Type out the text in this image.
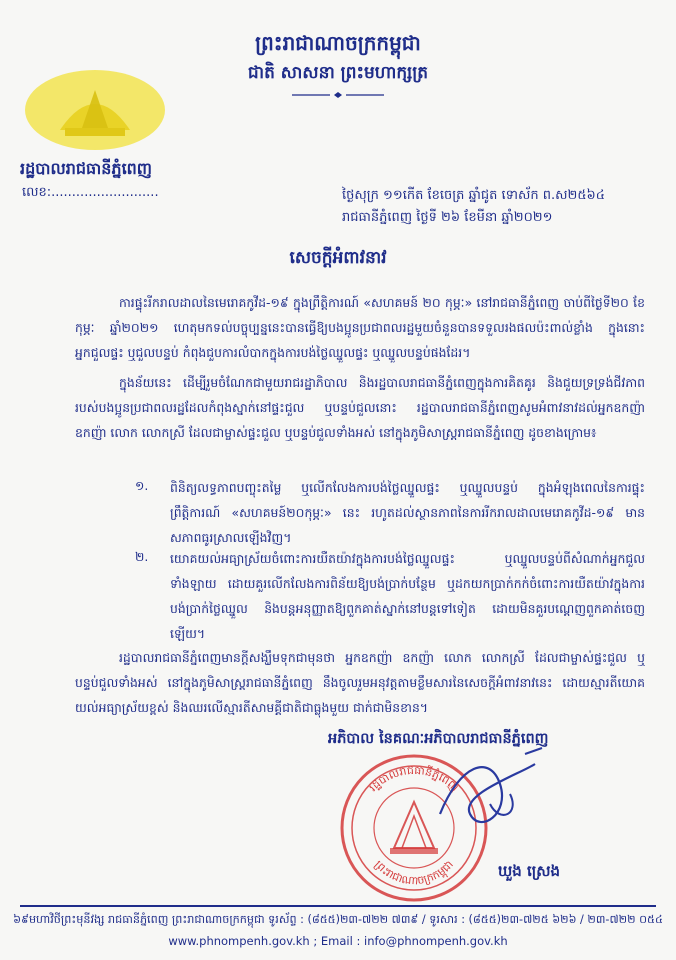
ព្រះរាជាណាចក្រកម្ពុជា
ជាតិ សាសនា ព្រះមហាក្សត្រ
រដ្ឋបាលរាជធានីភ្នំពេញ
លេខ:..........................	ថ្ងៃសុក្រ ១១កើត ខែចេត្រ ឆ្នាំជូត ទោស័ក ព.ស២៥៦៤
រាជធានីភ្នំពេញ ថ្ងៃទី ២៦ ខែមីនា ឆ្នាំ២០២១
សេចក្តីអំពាវនាវ
ការផ្ទុះរីករាលដាលនៃមេរោគកូវីដ-១៩ ក្នុងព្រឹត្តិការណ៍ «សហគមន៍ ២០ កុម្ភៈ» នៅរាជធានីភ្នំពេញ ចាប់ពីថ្ងៃទី២០ ខែកុម្ភៈ ឆ្នាំ២០២១ ហេតុមកទល់បច្ចុប្បន្ននេះបានធ្វើឱ្យបងប្អូនប្រជាពលរដ្ឋមួយចំនួនបានទទួលរងផលប៉ះពាល់ខ្លាំង ក្នុងនោះអ្នកជួលផ្ទះ ឬជួលបន្ទប់ កំពុងជួបការលំបាកក្នុងការបង់ថ្លៃឈ្នួលផ្ទះ ឬឈ្នួលបន្ទប់ផងដែរ។
ក្នុងន័យនេះ ដើម្បីរួមចំណែកជាមួយរាជរដ្ឋាភិបាល និងរដ្ឋបាលរាជធានីភ្នំពេញក្នុងការគិតគូរ និងជួយទ្រទ្រង់ជីវភាពរបស់បងប្អូនប្រជាពលរដ្ឋដែលកំពុងស្នាក់នៅផ្ទះជួល ឬបន្ទប់ជួលនោះ រដ្ឋបាលរាជធានីភ្នំពេញសូមអំពាវនាវដល់អ្នកឧកញ៉ា ឧកញ៉ា លោក លោកស្រី ដែលជាម្ចាស់ផ្ទះជួល ឬបន្ទប់ជួលទាំងអស់ នៅក្នុងភូមិសាស្ត្ររាជធានីភ្នំពេញ ដូចខាងក្រោម៖
១. ពិនិត្យលទ្ធភាពបញ្ចុះតម្លៃ ឬលើកលែងការបង់ថ្លៃឈ្នួលផ្ទះ ឬឈ្នួលបន្ទប់ ក្នុងអំឡុងពេលនៃការផ្ទុះព្រឹត្តិការណ៍ «សហគមន៍២០កុម្ភៈ» នេះ រហូតដល់ស្ថានភាពនៃការរីករាលដាលមេរោគកូវីដ-១៩ មានសភាពធូរស្រាលឡើងវិញ។
២. យោគយល់អធ្យាស្រ័យចំពោះការយឺតយ៉ាវក្នុងការបង់ថ្លៃឈ្នួលផ្ទះ ឬឈ្នួលបន្ទប់ពីសំណាក់អ្នកជួលទាំងឡាយ ដោយគួរលើកលែងការពិន័យឱ្យបង់ប្រាក់បន្ថែម ឬដកយកប្រាក់កក់ចំពោះការយឺតយ៉ាវក្នុងការបង់ប្រាក់ថ្លៃឈ្នួល និងបន្តអនុញ្ញាតឱ្យពួកគាត់ស្នាក់នៅបន្តទៅទៀត ដោយមិនគួរបណ្តេញពួកគាត់ចេញឡើយ។
រដ្ឋបាលរាជធានីភ្នំពេញមានក្តីសង្ឃឹមទុកជាមុនថា អ្នកឧកញ៉ា ឧកញ៉ា លោក លោកស្រី ដែលជាម្ចាស់ផ្ទះជួល ឬបន្ទប់ជួលទាំងអស់ នៅក្នុងភូមិសាស្ត្ររាជធានីភ្នំពេញ នឹងចូលរួមអនុវត្តតាមខ្លឹមសារនៃសេចក្តីអំពាវនាវនេះ ដោយស្មារតីយោគយល់អធ្យាស្រ័យខ្ពស់ និងឈរលើស្មារតីសាមគ្គីជាតិជាធ្លុងមួយ ជាក់ជាមិនខាន។
អភិបាល នៃគណៈអភិបាលរាជធានីភ្នំពេញ
រដ្ឋបាលរាជធានីភ្នំពេញ
ព្រះរាជាណាចក្រកម្ពុជា	ឃួង ស្រេង
៦៩មហាវិថីព្រះមុនីវង្ស រាជធានីភ្នំពេញ ព្រះរាជាណាចក្រកម្ពុជា ទូរស័ព្ទ : (៨៥៥)២៣-៧២២ ៧៣៩ / ទូរសារ : (៨៥៥)២៣-៧២៥ ៦២៦ / ២៣-៧២២ ០៥៤
www.phnompenh.gov.kh ; Email : info@phnompenh.gov.kh
